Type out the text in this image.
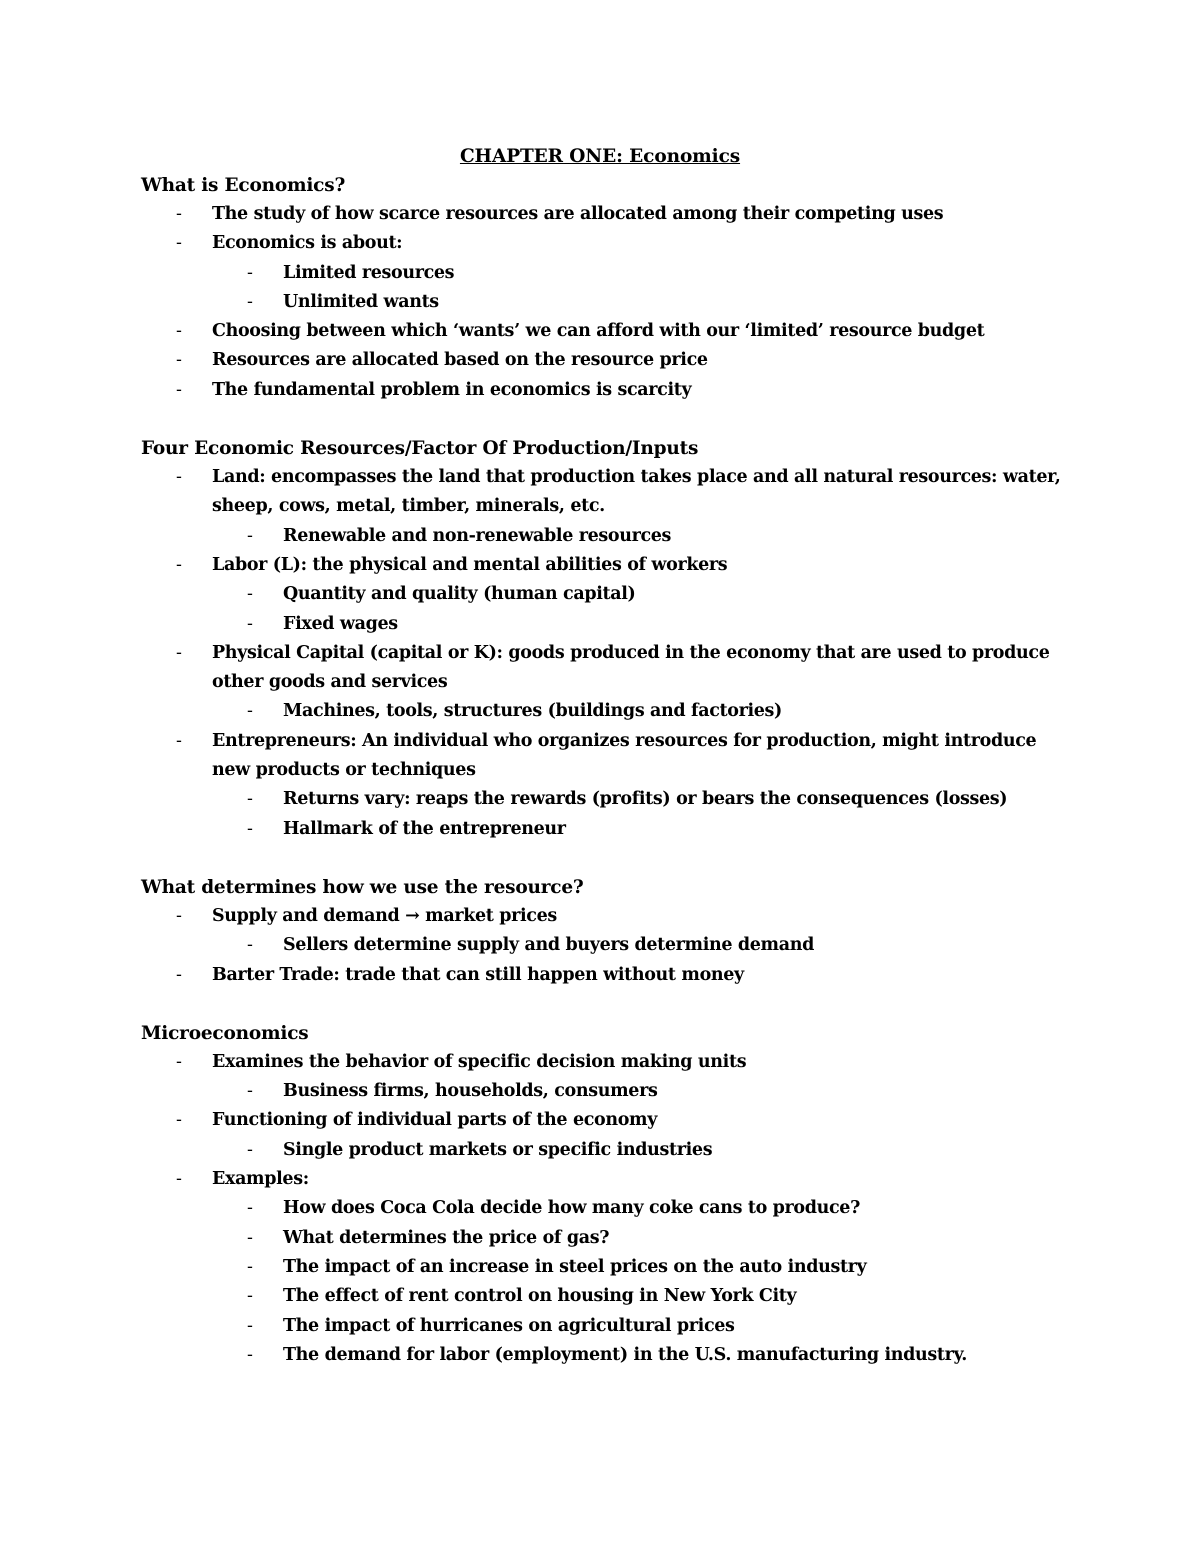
CHAPTER ONE: Economics
What is Economics?
- The study of how scarce resources are allocated among their competing uses
- Economics is about:
- Limited resources
- Unlimited wants
- Choosing between which ‘wants’ we can afford with our ‘limited’ resource budget
- Resources are allocated based on the resource price
- The fundamental problem in economics is scarcity
Four Economic Resources/Factor Of Production/Inputs
- Land: encompasses the land that production takes place and all natural resources: water, sheep, cows, metal, timber, minerals, etc.
- Renewable and non-renewable resources
- Labor (L): the physical and mental abilities of workers
- Quantity and quality (human capital)
- Fixed wages
- Physical Capital (capital or K): goods produced in the economy that are used to produce other goods and services
- Machines, tools, structures (buildings and factories)
- Entrepreneurs: An individual who organizes resources for production, might introduce new products or techniques
- Returns vary: reaps the rewards (profits) or bears the consequences (losses)
- Hallmark of the entrepreneur
What determines how we use the resource?
- Supply and demand → market prices
- Sellers determine supply and buyers determine demand
- Barter Trade: trade that can still happen without money
Microeconomics
- Examines the behavior of specific decision making units
- Business firms, households, consumers
- Functioning of individual parts of the economy
- Single product markets or specific industries
- Examples:
- How does Coca Cola decide how many coke cans to produce?
- What determines the price of gas?
- The impact of an increase in steel prices on the auto industry
- The effect of rent control on housing in New York City
- The impact of hurricanes on agricultural prices
- The demand for labor (employment) in the U.S. manufacturing industry.
